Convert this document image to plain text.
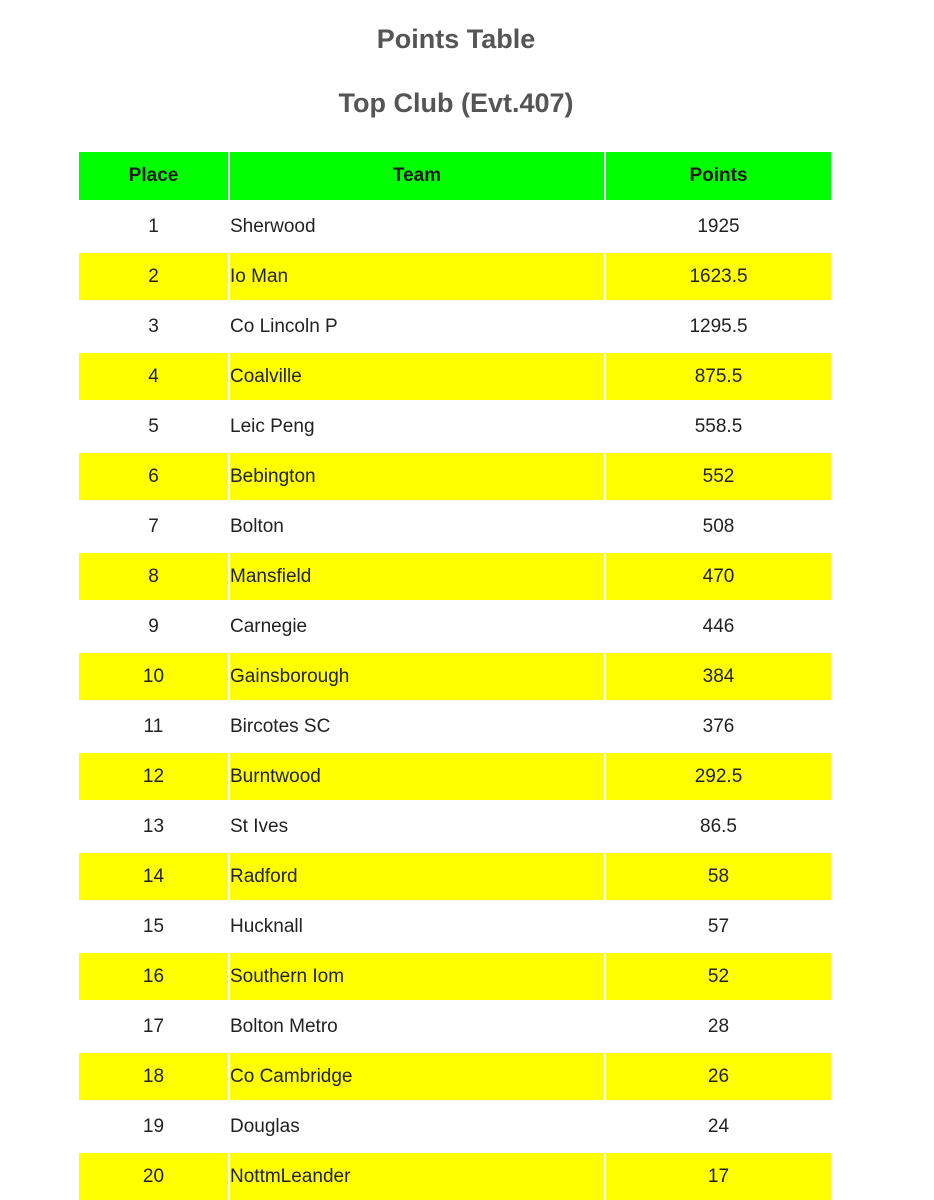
Points Table
Top Club (Evt.407)
Place	Team	Points
1	Sherwood	1925
2	Io Man	1623.5
3	Co Lincoln P	1295.5
4	Coalville	875.5
5	Leic Peng	558.5
6	Bebington	552
7	Bolton	508
8	Mansfield	470
9	Carnegie	446
10	Gainsborough	384
11	Bircotes SC	376
12	Burntwood	292.5
13	St Ives	86.5
14	Radford	58
15	Hucknall	57
16	Southern Iom	52
17	Bolton Metro	28
18	Co Cambridge	26
19	Douglas	24
20	NottmLeander	17
